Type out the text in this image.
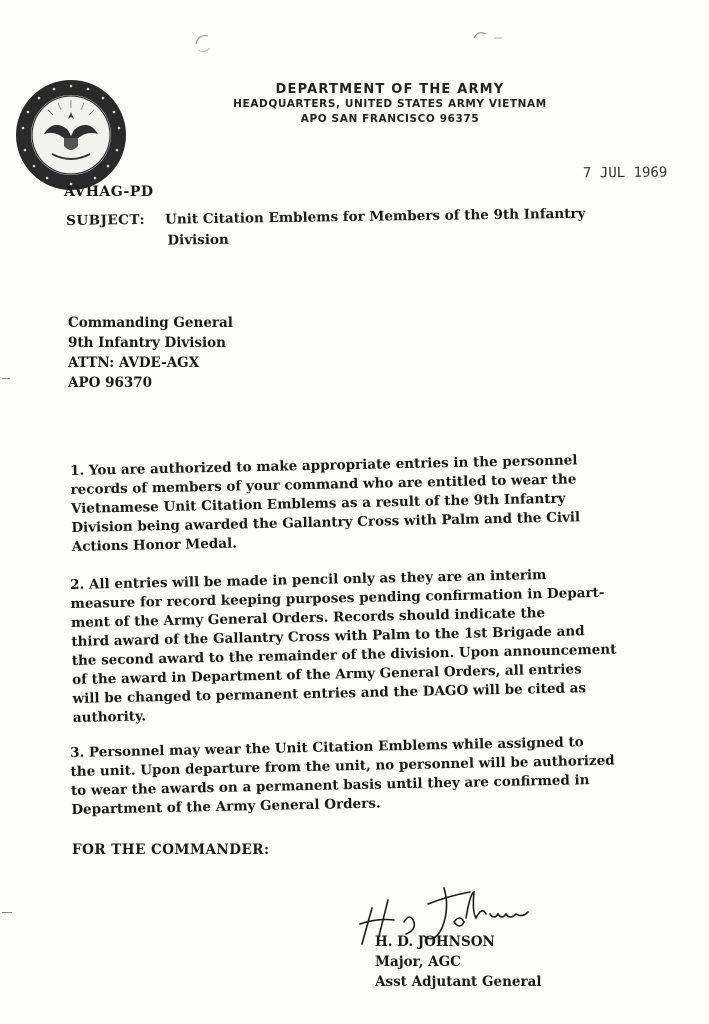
DEPARTMENT OF THE ARMY
HEADQUARTERS, UNITED STATES ARMY VIETNAM
APO SAN FRANCISCO 96375
7 JUL 1969
AVHAG-PD
SUBJECT: Unit Citation Emblems for Members of the 9th Infantry
Division
Commanding General
9th Infantry Division
ATTN: AVDE-AGX
APO 96370
1. You are authorized to make appropriate entries in the personnel
records of members of your command who are entitled to wear the
Vietnamese Unit Citation Emblems as a result of the 9th Infantry
Division being awarded the Gallantry Cross with Palm and the Civil
Actions Honor Medal.
2. All entries will be made in pencil only as they are an interim
measure for record keeping purposes pending confirmation in Depart-
ment of the Army General Orders. Records should indicate the
third award of the Gallantry Cross with Palm to the 1st Brigade and
the second award to the remainder of the division. Upon announcement
of the award in Department of the Army General Orders, all entries
will be changed to permanent entries and the DAGO will be cited as
authority.
3. Personnel may wear the Unit Citation Emblems while assigned to
the unit. Upon departure from the unit, no personnel will be authorized
to wear the awards on a permanent basis until they are confirmed in
Department of the Army General Orders.
FOR THE COMMANDER:
H. D. JOHNSON
Major, AGC
Asst Adjutant General
